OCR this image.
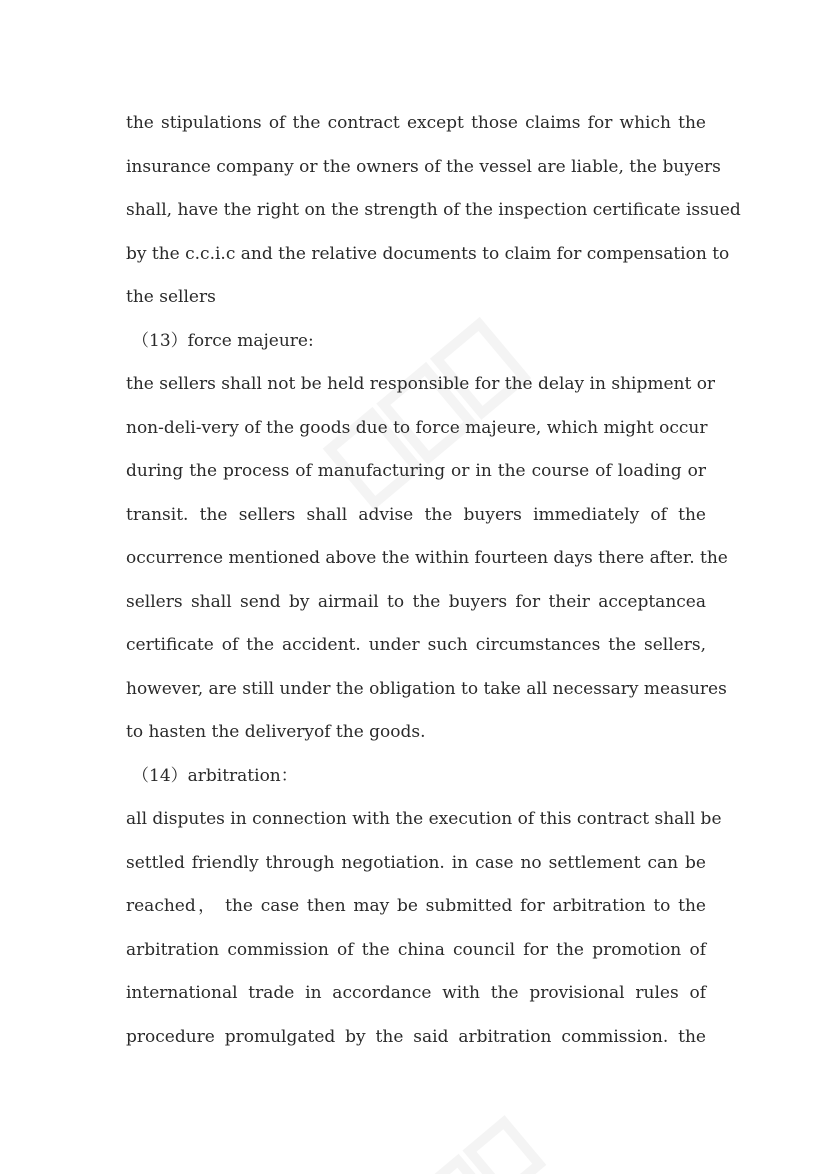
the stipulations of the contract except those claims for which the
insurance company or the owners of the vessel are liable, the buyers
shall, have the right on the strength of the inspection certificate issued
by the c.c.i.c and the relative documents to claim for compensation to
the sellers
（13）force majeure:
the sellers shall not be held responsible for the delay in shipment or
non-deli-very of the goods due to force majeure, which might occur
during the process of manufacturing or in the course of loading or
transit. the sellers shall advise the buyers immediately of the
occurrence mentioned above the within fourteen days there after. the
sellers shall send by airmail to the buyers for their acceptancea
certificate of the accident. under such circumstances the sellers,
however, are still under the obligation to take all necessary measures
to hasten the deliveryof the goods.
（14）arbitration：
all disputes in connection with the execution of this contract shall be
settled friendly through negotiation. in case no settlement can be
reached， the case then may be submitted for arbitration to the
arbitration commission of the china council for the promotion of
international trade in accordance with the provisional rules of
procedure promulgated by the said arbitration commission. the
